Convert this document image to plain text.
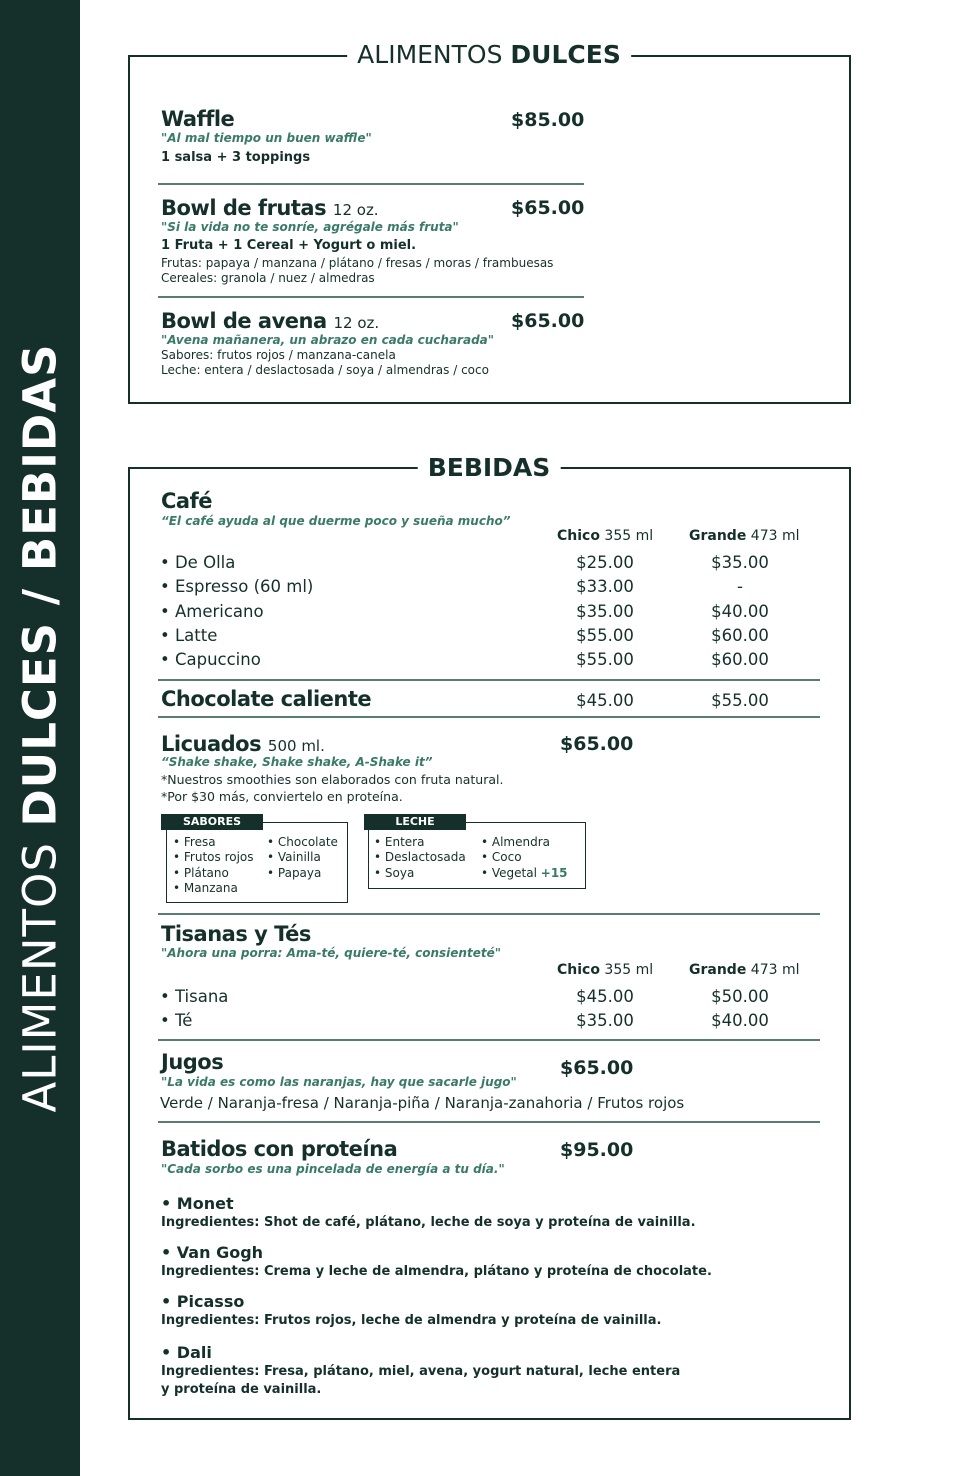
ALIMENTOS DULCES / BEBIDAS
ALIMENTOS DULCES
Waffle	$85.00
"Al mal tiempo un buen waffle"
1 salsa + 3 toppings
Bowl de frutas 12 oz.	$65.00
"Si la vida no te sonríe, agrégale más fruta"
1 Fruta + 1 Cereal + Yogurt o miel.
Frutas: papaya / manzana / plátano / fresas / moras / frambuesas
Cereales: granola / nuez / almedras
Bowl de avena 12 oz.	$65.00
"Avena mañanera, un abrazo en cada cucharada"
Sabores: frutos rojos / manzana-canela
Leche: entera / deslactosada / soya / almendras / coco
BEBIDAS
Café
“El café ayuda al que duerme poco y sueña mucho”
Chico 355 ml	Grande 473 ml
• De Olla	$25.00	$35.00
• Espresso (60 ml)	$33.00	-
• Americano	$35.00	$40.00
• Latte	$55.00	$60.00
• Capuccino	$55.00	$60.00
Chocolate caliente	$45.00	$55.00
Licuados 500 ml.	$65.00
“Shake shake, Shake shake, A-Shake it”
*Nuestros smoothies son elaborados con fruta natural.
*Por $30 más, conviertelo en proteína.
SABORES
• Fresa
• Frutos rojos
• Plátano
• Manzana
• Chocolate
• Vainilla
• Papaya
LECHE
• Entera
• Deslactosada
• Soya
• Almendra
• Coco
• Vegetal +15
Tisanas y Tés
"Ahora una porra: Ama-té, quiere-té, consienteté"
Chico 355 ml	Grande 473 ml
• Tisana	$45.00	$50.00
• Té	$35.00	$40.00
Jugos	$65.00
"La vida es como las naranjas, hay que sacarle jugo"
Verde / Naranja-fresa / Naranja-piña / Naranja-zanahoria / Frutos rojos
Batidos con proteína	$95.00
"Cada sorbo es una pincelada de energía a tu día."
• Monet
Ingredientes: Shot de café, plátano, leche de soya y proteína de vainilla.
• Van Gogh
Ingredientes: Crema y leche de almendra, plátano y proteína de chocolate.
• Picasso
Ingredientes: Frutos rojos, leche de almendra y proteína de vainilla.
• Dali
Ingredientes: Fresa, plátano, miel, avena, yogurt natural, leche entera
y proteína de vainilla.
